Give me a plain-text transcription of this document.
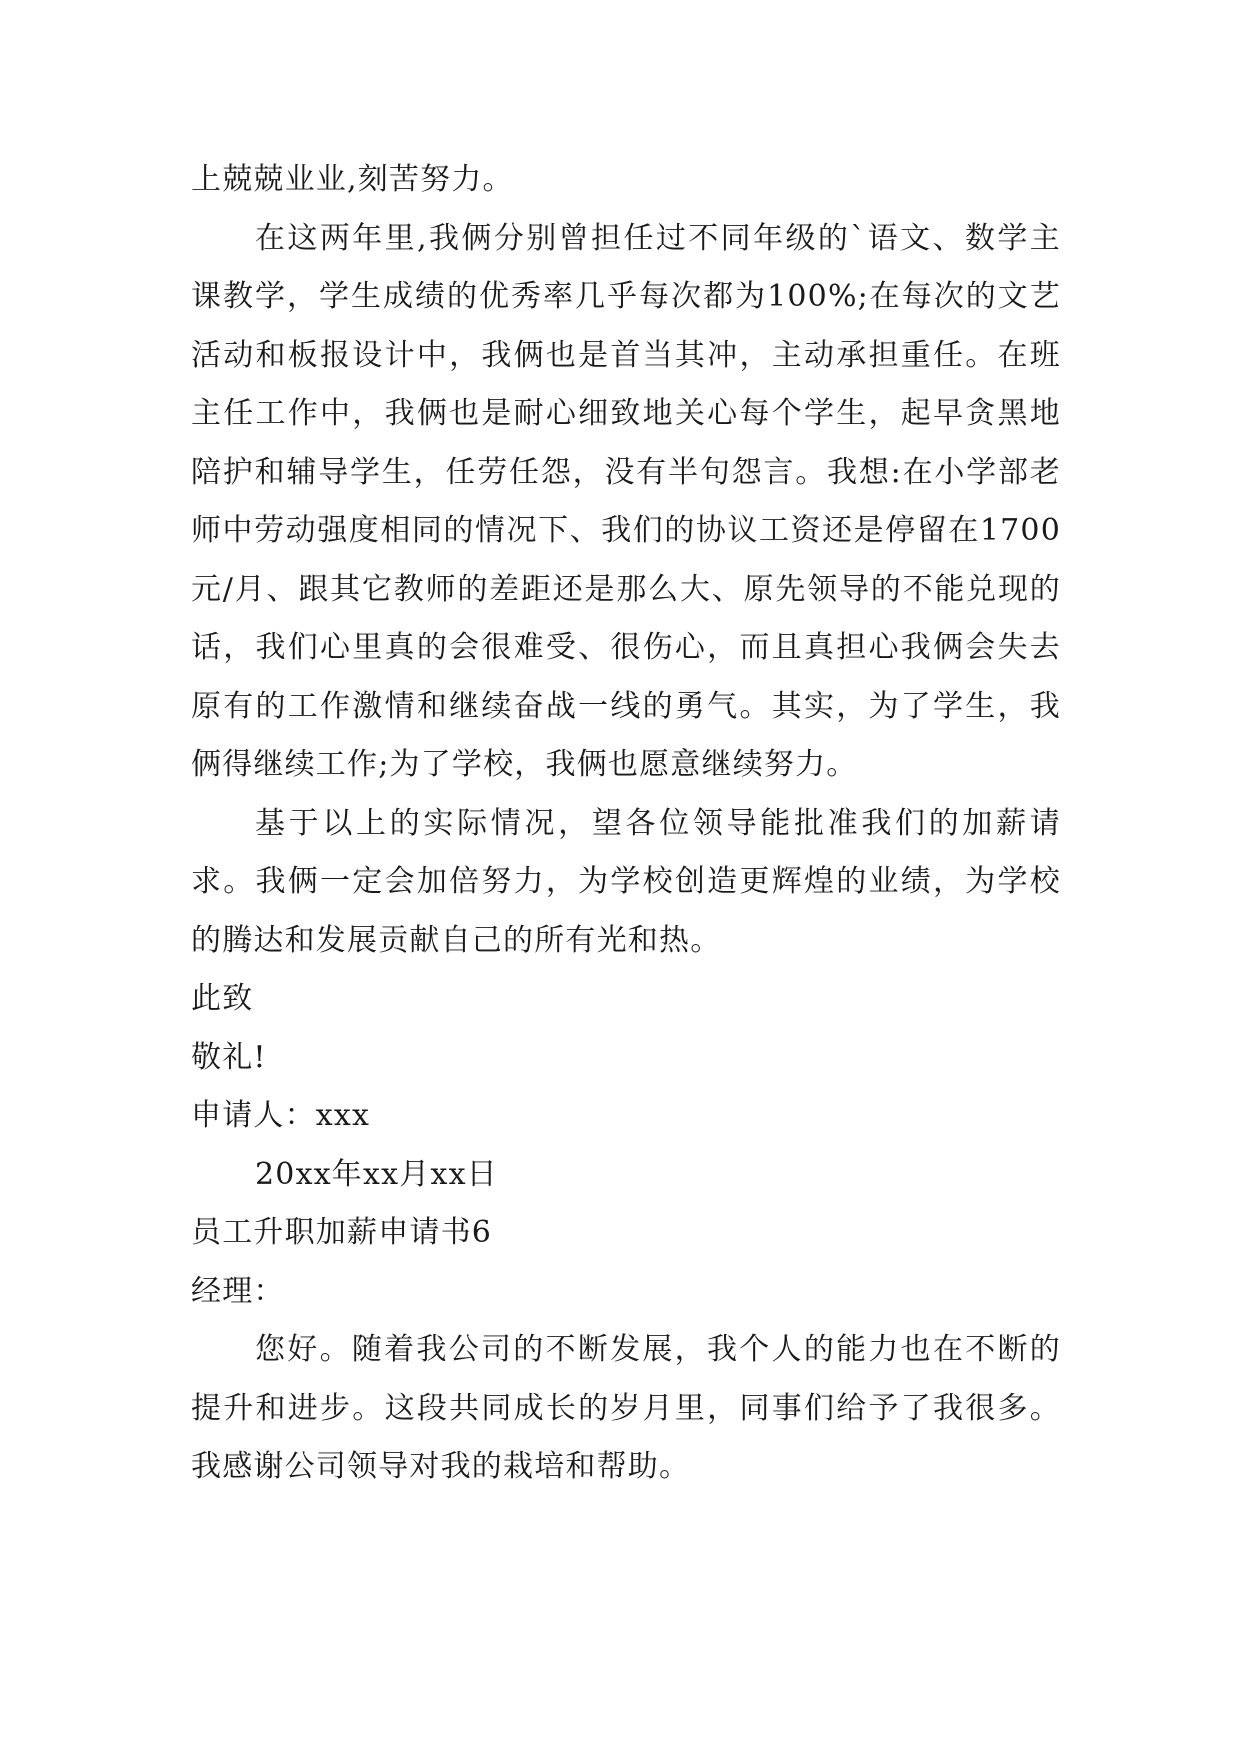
上兢兢业业,刻苦努力。

在这两年里,我俩分别曾担任过不同年级的`语文、数学主课教学，学生成绩的优秀率几乎每次都为100%;在每次的文艺活动和板报设计中，我俩也是首当其冲，主动承担重任。在班主任工作中，我俩也是耐心细致地关心每个学生，起早贪黑地陪护和辅导学生，任劳任怨，没有半句怨言。我想:在小学部老师中劳动强度相同的情况下、我们的协议工资还是停留在1700元/月、跟其它教师的差距还是那么大、原先领导的不能兑现的话，我们心里真的会很难受、很伤心，而且真担心我俩会失去原有的工作激情和继续奋战一线的勇气。其实，为了学生，我俩得继续工作;为了学校，我俩也愿意继续努力。

基于以上的实际情况，望各位领导能批准我们的加薪请求。我俩一定会加倍努力，为学校创造更辉煌的业绩，为学校的腾达和发展贡献自己的所有光和热。

此致

敬礼!

申请人：xxx

20xx年xx月xx日

员工升职加薪申请书6

经理：

您好。随着我公司的不断发展，我个人的能力也在不断的提升和进步。这段共同成长的岁月里，同事们给予了我很多。我感谢公司领导对我的栽培和帮助。
